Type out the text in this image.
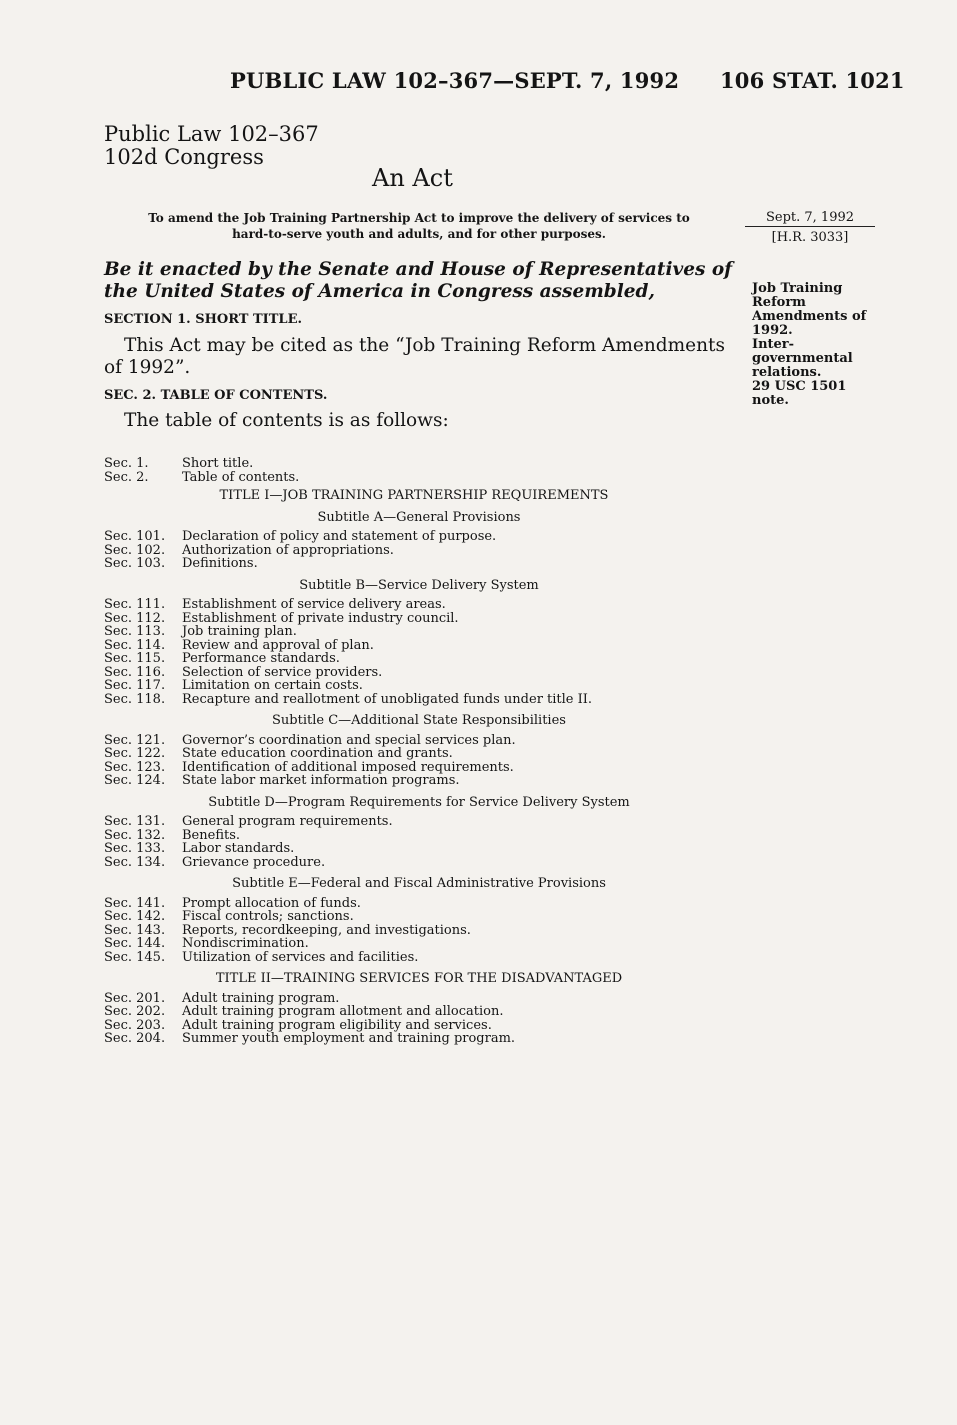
PUBLIC LAW 102–367—SEPT. 7, 1992 106 STAT. 1021
Public Law 102–367
102d Congress
An Act
To amend the Job Training Partnership Act to improve the delivery of services to
hard-to-serve youth and adults, and for other purposes.
Sept. 7, 1992
[H.R. 3033]
Job Training
Reform
Amendments of
1992.
Inter-
governmental
relations.
29 USC 1501
note.
Be it enacted by the Senate and House of Representatives of
the United States of America in Congress assembled,
SECTION 1. SHORT TITLE.
This Act may be cited as the “Job Training Reform Amendments
of 1992”.
SEC. 2. TABLE OF CONTENTS.
The table of contents is as follows:
Sec. 1.	Short title.
Sec. 2.	Table of contents.
TITLE I—JOB TRAINING PARTNERSHIP REQUIREMENTS
Subtitle A—General Provisions
Sec. 101.	Declaration of policy and statement of purpose.
Sec. 102.	Authorization of appropriations.
Sec. 103.	Definitions.
Subtitle B—Service Delivery System
Sec. 111.	Establishment of service delivery areas.
Sec. 112.	Establishment of private industry council.
Sec. 113.	Job training plan.
Sec. 114.	Review and approval of plan.
Sec. 115.	Performance standards.
Sec. 116.	Selection of service providers.
Sec. 117.	Limitation on certain costs.
Sec. 118.	Recapture and reallotment of unobligated funds under title II.
Subtitle C—Additional State Responsibilities
Sec. 121.	Governor’s coordination and special services plan.
Sec. 122.	State education coordination and grants.
Sec. 123.	Identification of additional imposed requirements.
Sec. 124.	State labor market information programs.
Subtitle D—Program Requirements for Service Delivery System
Sec. 131.	General program requirements.
Sec. 132.	Benefits.
Sec. 133.	Labor standards.
Sec. 134.	Grievance procedure.
Subtitle E—Federal and Fiscal Administrative Provisions
Sec. 141.	Prompt allocation of funds.
Sec. 142.	Fiscal controls; sanctions.
Sec. 143.	Reports, recordkeeping, and investigations.
Sec. 144.	Nondiscrimination.
Sec. 145.	Utilization of services and facilities.
TITLE II—TRAINING SERVICES FOR THE DISADVANTAGED
Sec. 201.	Adult training program.
Sec. 202.	Adult training program allotment and allocation.
Sec. 203.	Adult training program eligibility and services.
Sec. 204.	Summer youth employment and training program.
